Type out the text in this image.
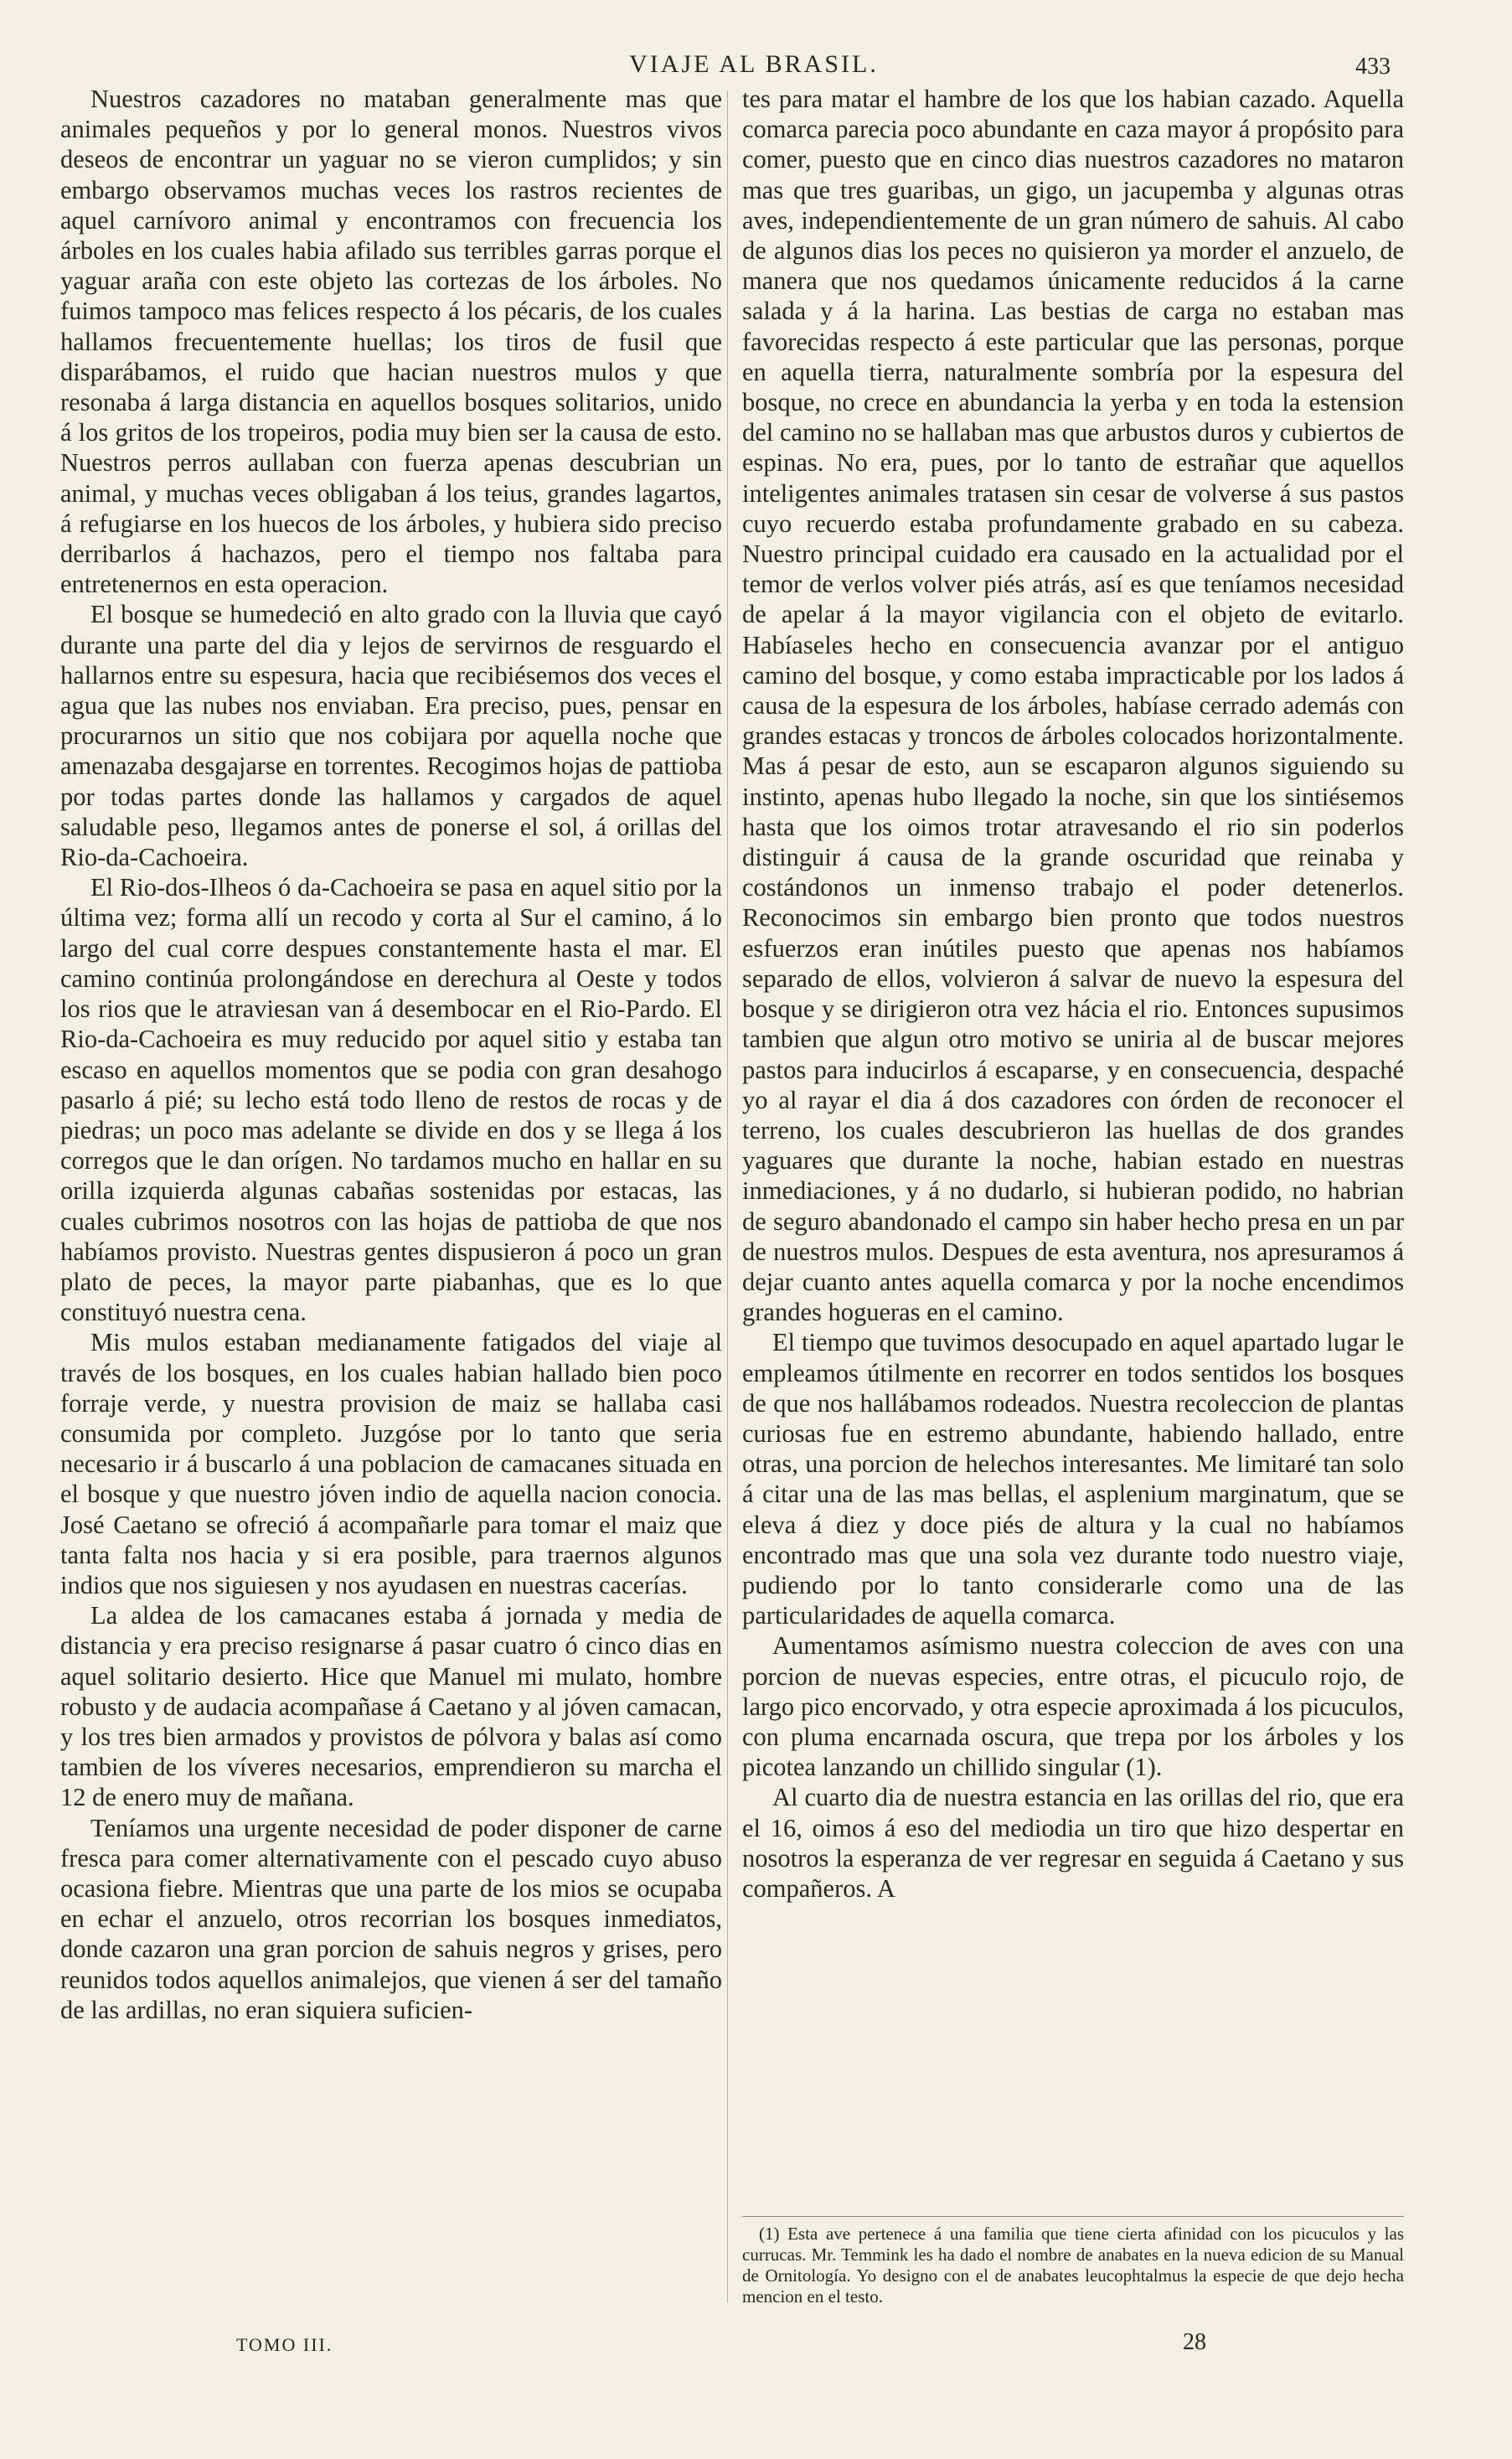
VIAJE AL BRASIL.	433

Nuestros cazadores no mataban generalmente mas que animales pequeños y por lo general monos. Nuestros vivos deseos de encontrar un yaguar no se vieron cumplidos; y sin embargo observamos muchas veces los rastros recientes de aquel carnívoro animal y encontramos con frecuencia los árboles en los cuales habia afilado sus terribles garras porque el yaguar araña con este objeto las cortezas de los árboles. No fuimos tampoco mas felices respecto á los pécaris, de los cuales hallamos frecuentemente huellas; los tiros de fusil que disparábamos, el ruido que hacian nuestros mulos y que resonaba á larga distancia en aquellos bosques solitarios, unido á los gritos de los tropeiros, podia muy bien ser la causa de esto. Nuestros perros aullaban con fuerza apenas descubrian un animal, y muchas veces obligaban á los teius, grandes lagartos, á refugiarse en los huecos de los árboles, y hubiera sido preciso derribarlos á hachazos, pero el tiempo nos faltaba para entretenernos en esta operacion.

El bosque se humedeció en alto grado con la lluvia que cayó durante una parte del dia y lejos de servirnos de resguardo el hallarnos entre su espesura, hacia que recibiésemos dos veces el agua que las nubes nos enviaban. Era preciso, pues, pensar en procurarnos un sitio que nos cobijara por aquella noche que amenazaba desgajarse en torrentes. Recogimos hojas de pattioba por todas partes donde las hallamos y cargados de aquel saludable peso, llegamos antes de ponerse el sol, á orillas del Rio-da-Cachoeira.

El Rio-dos-Ilheos ó da-Cachoeira se pasa en aquel sitio por la última vez; forma allí un recodo y corta al Sur el camino, á lo largo del cual corre despues constantemente hasta el mar. El camino continúa prolongándose en derechura al Oeste y todos los rios que le atraviesan van á desembocar en el Rio-Pardo. El Rio-da-Cachoeira es muy reducido por aquel sitio y estaba tan escaso en aquellos momentos que se podia con gran desahogo pasarlo á pié; su lecho está todo lleno de restos de rocas y de piedras; un poco mas adelante se divide en dos y se llega á los corregos que le dan orígen. No tardamos mucho en hallar en su orilla izquierda algunas cabañas sostenidas por estacas, las cuales cubrimos nosotros con las hojas de pattioba de que nos habíamos provisto. Nuestras gentes dispusieron á poco un gran plato de peces, la mayor parte piabanhas, que es lo que constituyó nuestra cena.

Mis mulos estaban medianamente fatigados del viaje al través de los bosques, en los cuales habian hallado bien poco forraje verde, y nuestra provision de maiz se hallaba casi consumida por completo. Juzgóse por lo tanto que seria necesario ir á buscarlo á una poblacion de camacanes situada en el bosque y que nuestro jóven indio de aquella nacion conocia. José Caetano se ofreció á acompañarle para tomar el maiz que tanta falta nos hacia y si era posible, para traernos algunos indios que nos siguiesen y nos ayudasen en nuestras cacerías.

La aldea de los camacanes estaba á jornada y media de distancia y era preciso resignarse á pasar cuatro ó cinco dias en aquel solitario desierto. Hice que Manuel mi mulato, hombre robusto y de audacia acompañase á Caetano y al jóven camacan, y los tres bien armados y provistos de pólvora y balas así como tambien de los víveres necesarios, emprendieron su marcha el 12 de enero muy de mañana.

Teníamos una urgente necesidad de poder disponer de carne fresca para comer alternativamente con el pescado cuyo abuso ocasiona fiebre. Mientras que una parte de los mios se ocupaba en echar el anzuelo, otros recorrian los bosques inmediatos, donde cazaron una gran porcion de sahuis negros y grises, pero reunidos todos aquellos animalejos, que vienen á ser del tamaño de las ardillas, no eran siquiera suficien-

tes para matar el hambre de los que los habian cazado. Aquella comarca parecia poco abundante en caza mayor á propósito para comer, puesto que en cinco dias nuestros cazadores no mataron mas que tres guaribas, un gigo, un jacupemba y algunas otras aves, independientemente de un gran número de sahuis. Al cabo de algunos dias los peces no quisieron ya morder el anzuelo, de manera que nos quedamos únicamente reducidos á la carne salada y á la harina. Las bestias de carga no estaban mas favorecidas respecto á este particular que las personas, porque en aquella tierra, naturalmente sombría por la espesura del bosque, no crece en abundancia la yerba y en toda la estension del camino no se hallaban mas que arbustos duros y cubiertos de espinas. No era, pues, por lo tanto de estrañar que aquellos inteligentes animales tratasen sin cesar de volverse á sus pastos cuyo recuerdo estaba profundamente grabado en su cabeza. Nuestro principal cuidado era causado en la actualidad por el temor de verlos volver piés atrás, así es que teníamos necesidad de apelar á la mayor vigilancia con el objeto de evitarlo. Habíaseles hecho en consecuencia avanzar por el antiguo camino del bosque, y como estaba impracticable por los lados á causa de la espesura de los árboles, habíase cerrado además con grandes estacas y troncos de árboles colocados horizontalmente. Mas á pesar de esto, aun se escaparon algunos siguiendo su instinto, apenas hubo llegado la noche, sin que los sintiésemos hasta que los oimos trotar atravesando el rio sin poderlos distinguir á causa de la grande oscuridad que reinaba y costándonos un inmenso trabajo el poder detenerlos. Reconocimos sin embargo bien pronto que todos nuestros esfuerzos eran inútiles puesto que apenas nos habíamos separado de ellos, volvieron á salvar de nuevo la espesura del bosque y se dirigieron otra vez hácia el rio. Entonces supusimos tambien que algun otro motivo se uniria al de buscar mejores pastos para inducirlos á escaparse, y en consecuencia, despaché yo al rayar el dia á dos cazadores con órden de reconocer el terreno, los cuales descubrieron las huellas de dos grandes yaguares que durante la noche, habian estado en nuestras inmediaciones, y á no dudarlo, si hubieran podido, no habrian de seguro abandonado el campo sin haber hecho presa en un par de nuestros mulos. Despues de esta aventura, nos apresuramos á dejar cuanto antes aquella comarca y por la noche encendimos grandes hogueras en el camino.

El tiempo que tuvimos desocupado en aquel apartado lugar le empleamos útilmente en recorrer en todos sentidos los bosques de que nos hallábamos rodeados. Nuestra recoleccion de plantas curiosas fue en estremo abundante, habiendo hallado, entre otras, una porcion de helechos interesantes. Me limitaré tan solo á citar una de las mas bellas, el asplenium marginatum, que se eleva á diez y doce piés de altura y la cual no habíamos encontrado mas que una sola vez durante todo nuestro viaje, pudiendo por lo tanto considerarle como una de las particularidades de aquella comarca.

Aumentamos asímismo nuestra coleccion de aves con una porcion de nuevas especies, entre otras, el picuculo rojo, de largo pico encorvado, y otra especie aproximada á los picuculos, con pluma encarnada oscura, que trepa por los árboles y los picotea lanzando un chillido singular (1).

Al cuarto dia de nuestra estancia en las orillas del rio, que era el 16, oimos á eso del mediodia un tiro que hizo despertar en nosotros la esperanza de ver regresar en seguida á Caetano y sus compañeros. A

(1) Esta ave pertenece á una familia que tiene cierta afinidad con los picuculos y las currucas. Mr. Temmink les ha dado el nombre de anabates en la nueva edicion de su Manual de Ornitología. Yo designo con el de anabates leucophtalmus la especie de que dejo hecha mencion en el testo.

TOMO III.	28
